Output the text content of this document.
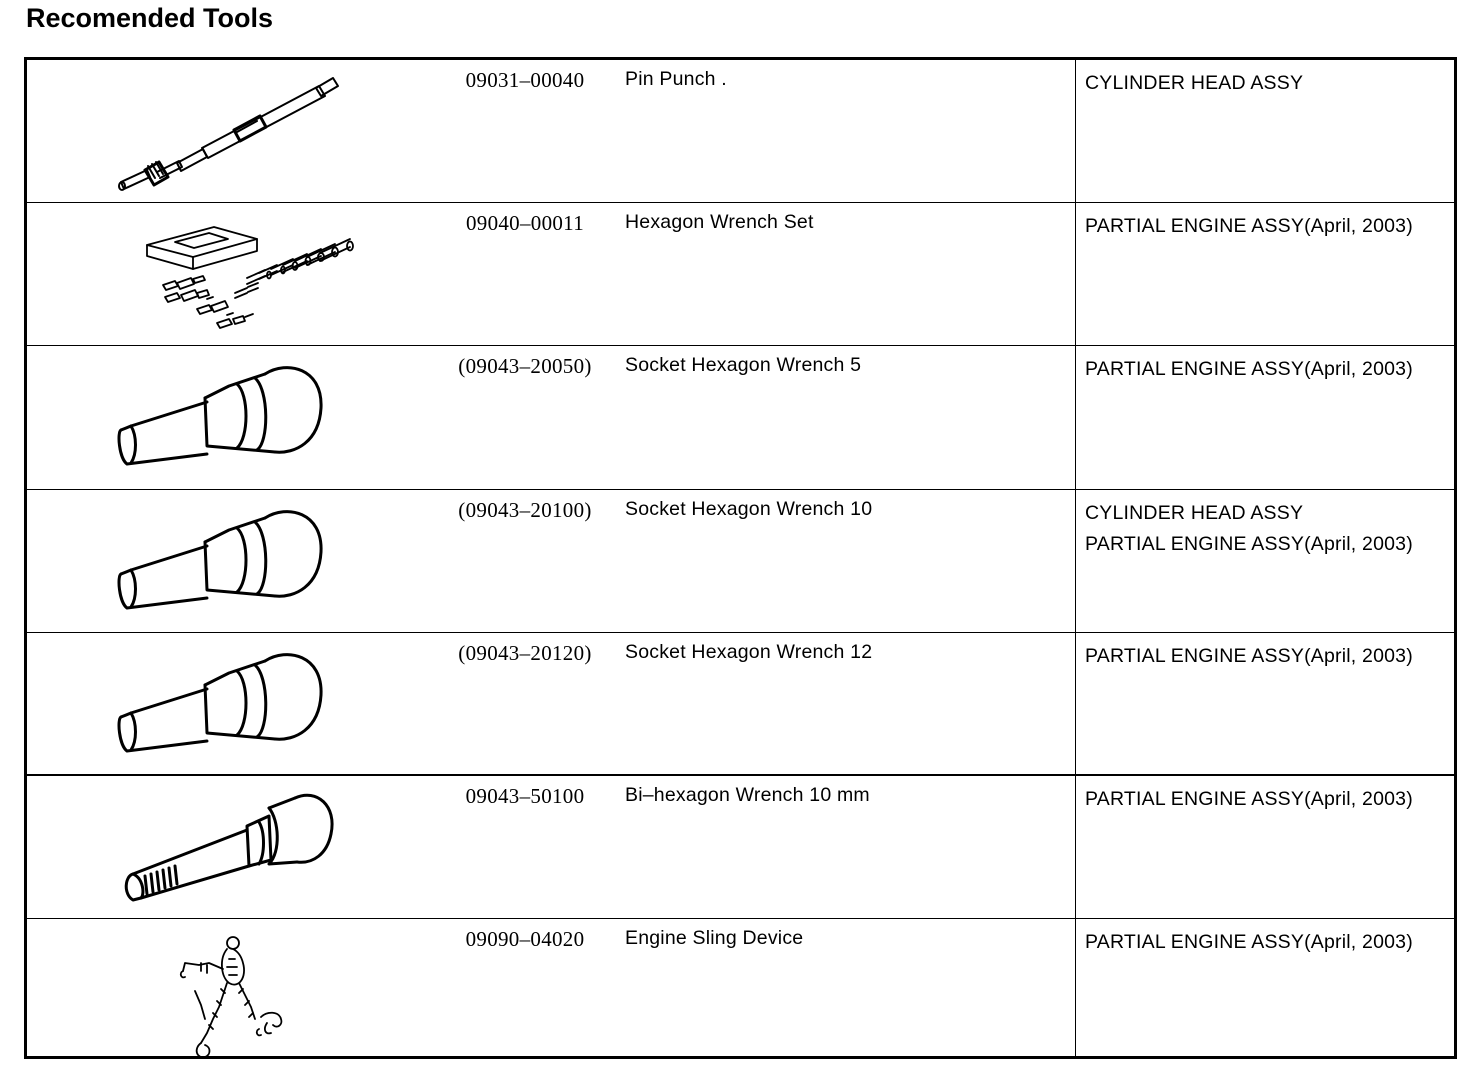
Recomended Tools
09031–00040	Pin Punch .	CYLINDER HEAD ASSY
09040–00011	Hexagon Wrench Set	PARTIAL ENGINE ASSY(April, 2003)
(09043–20050)	Socket Hexagon Wrench 5	PARTIAL ENGINE ASSY(April, 2003)
(09043–20100)	Socket Hexagon Wrench 10	CYLINDER HEAD ASSY
PARTIAL ENGINE ASSY(April, 2003)
(09043–20120)	Socket Hexagon Wrench 12	PARTIAL ENGINE ASSY(April, 2003)
09043–50100	Bi–hexagon Wrench 10 mm	PARTIAL ENGINE ASSY(April, 2003)
09090–04020	Engine Sling Device	PARTIAL ENGINE ASSY(April, 2003)
